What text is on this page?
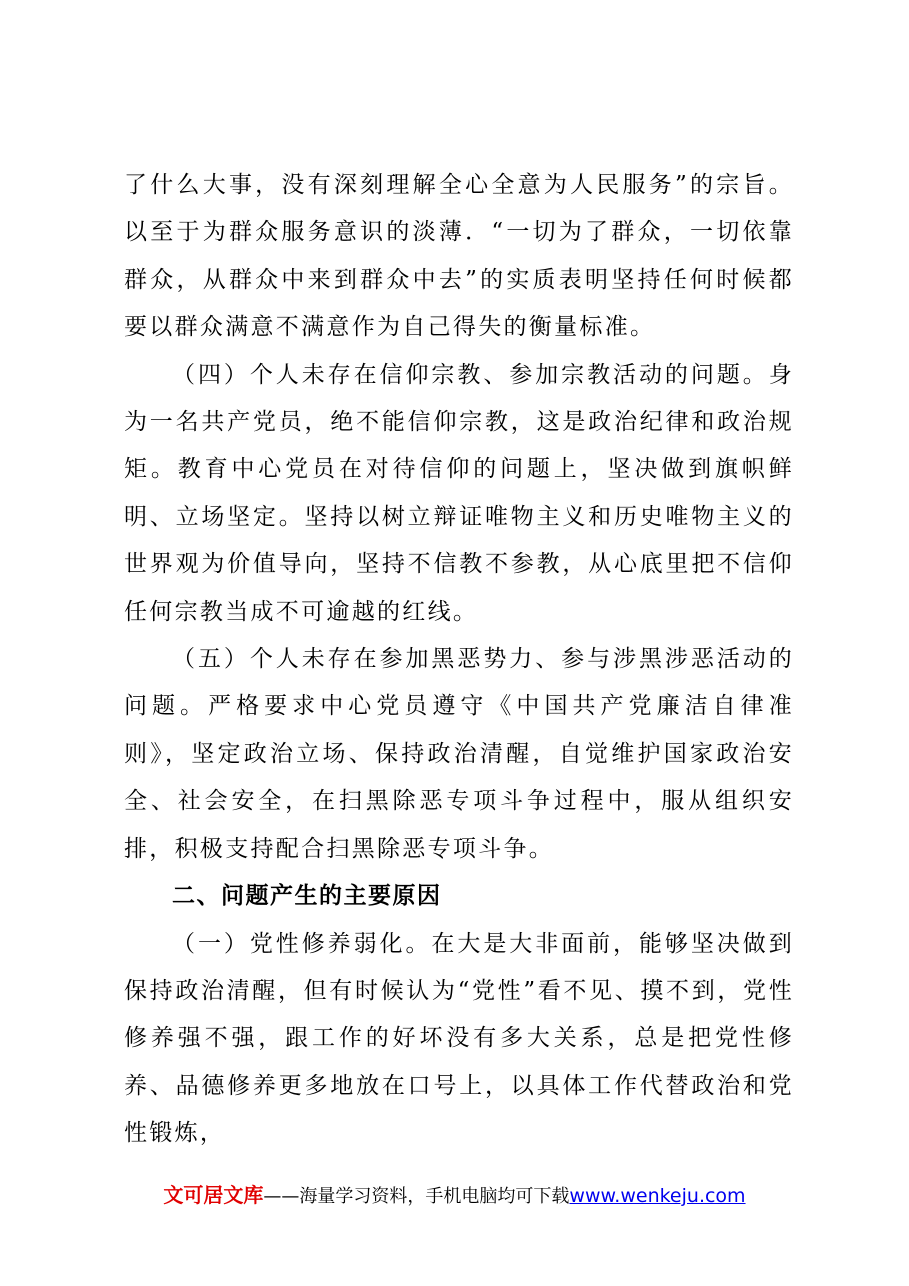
了什么大事，没有深刻理解全心全意为人民服务”的宗旨。以至于为群众服务意识的淡薄．“一切为了群众，一切依靠群众，从群众中来到群众中去”的实质表明坚持任何时候都要以群众满意不满意作为自己得失的衡量标准。

（四）个人未存在信仰宗教、参加宗教活动的问题。身为一名共产党员，绝不能信仰宗教，这是政治纪律和政治规矩。教育中心党员在对待信仰的问题上，坚决做到旗帜鲜明、立场坚定。坚持以树立辩证唯物主义和历史唯物主义的世界观为价值导向，坚持不信教不参教，从心底里把不信仰任何宗教当成不可逾越的红线。

（五）个人未存在参加黑恶势力、参与涉黑涉恶活动的问题。严格要求中心党员遵守《中国共产党廉洁自律准则》，坚定政治立场、保持政治清醒，自觉维护国家政治安全、社会安全，在扫黑除恶专项斗争过程中，服从组织安排，积极支持配合扫黑除恶专项斗争。

二、问题产生的主要原因

（一）党性修养弱化。在大是大非面前，能够坚决做到保持政治清醒，但有时候认为“党性”看不见、摸不到，党性修养强不强，跟工作的好坏没有多大关系，总是把党性修养、品德修养更多地放在口号上，以具体工作代替政治和党性锻炼，

文可居文库——海量学习资料，手机电脑均可下载www.wenkeju.com
